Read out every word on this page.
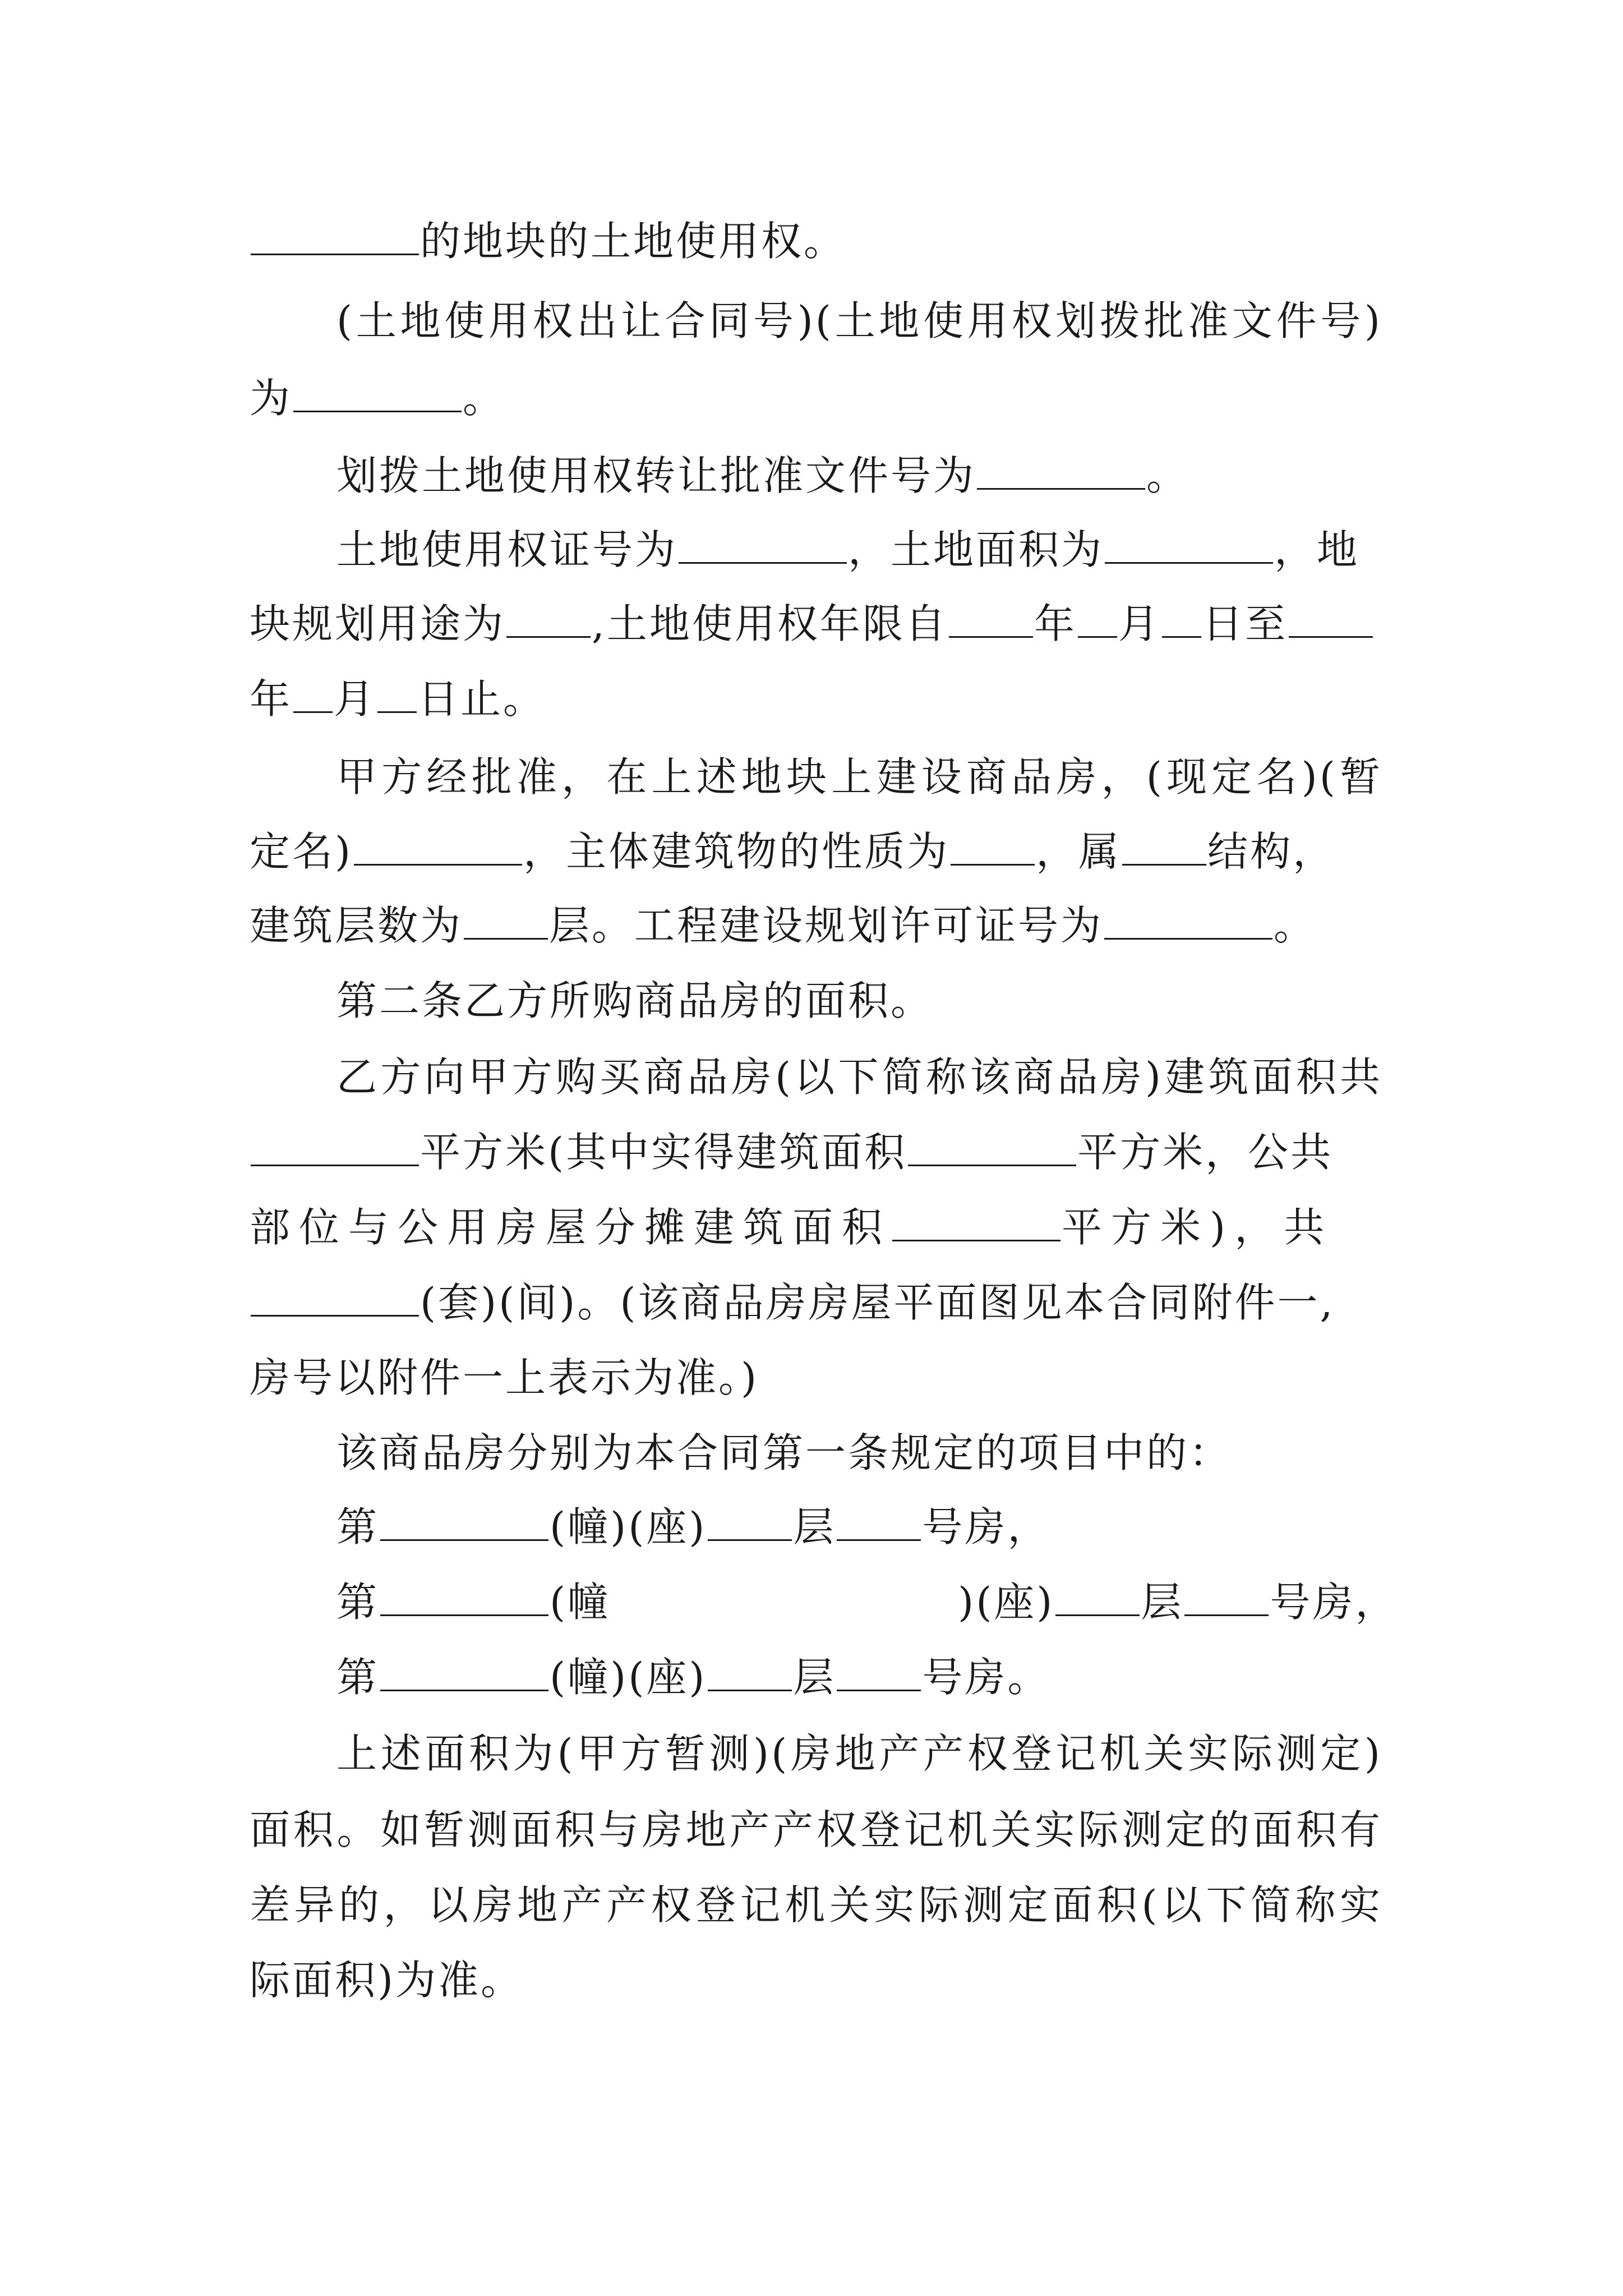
的地块的土地使用权。
(土地使用权出让合同号)(土地使用权划拨批准文件号)
为	。
划拨土地使用权转让批准文件号为	。
土地使用权证号为	，土地面积为	，地
块规划用途为 ,土地使用权年限自 年 月 日至
年 月 日止。
甲方经批准，在上述地块上建设商品房，(现定名)(暂
定名)	，主体建筑物的性质为 ，属 结构，
建筑层数为 层。工程建设规划许可证号为	。
第二条乙方所购商品房的面积。
乙方向甲方购买商品房(以下简称该商品房)建筑面积共
平方米(其中实得建筑面积	平方米，公共
部位与公用房屋分摊建筑面积	平方米)，共
(套)(间)。(该商品房房屋平面图见本合同附件一,
房号以附件一上表示为准。)
该商品房分别为本合同第一条规定的项目中的：
第	(幢)(座) 层 号房，
第	(幢	)(座) 层 号房，
第	(幢)(座) 层 号房。
上述面积为(甲方暂测)(房地产产权登记机关实际测定)
面积。如暂测面积与房地产产权登记机关实际测定的面积有
差异的，以房地产产权登记机关实际测定面积(以下简称实
际面积)为准。
